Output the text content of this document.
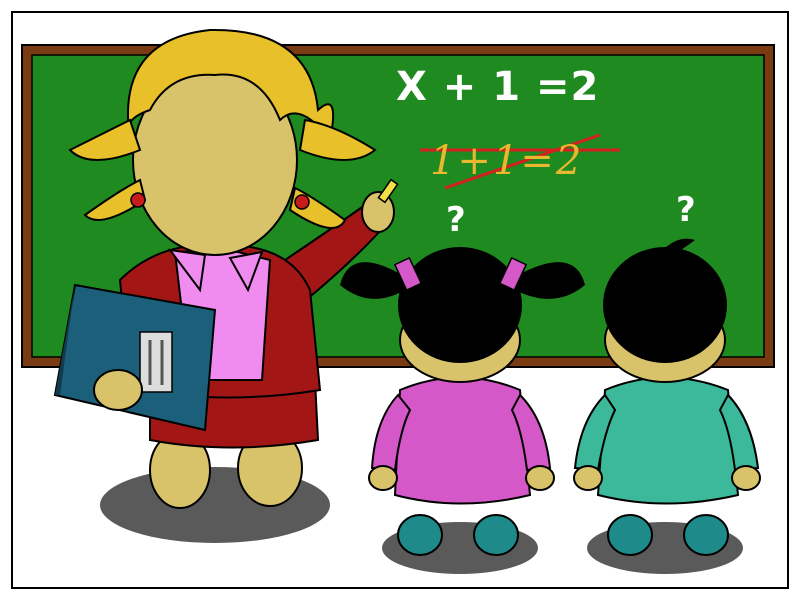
X + 1 =2
1+1=2
?	?
